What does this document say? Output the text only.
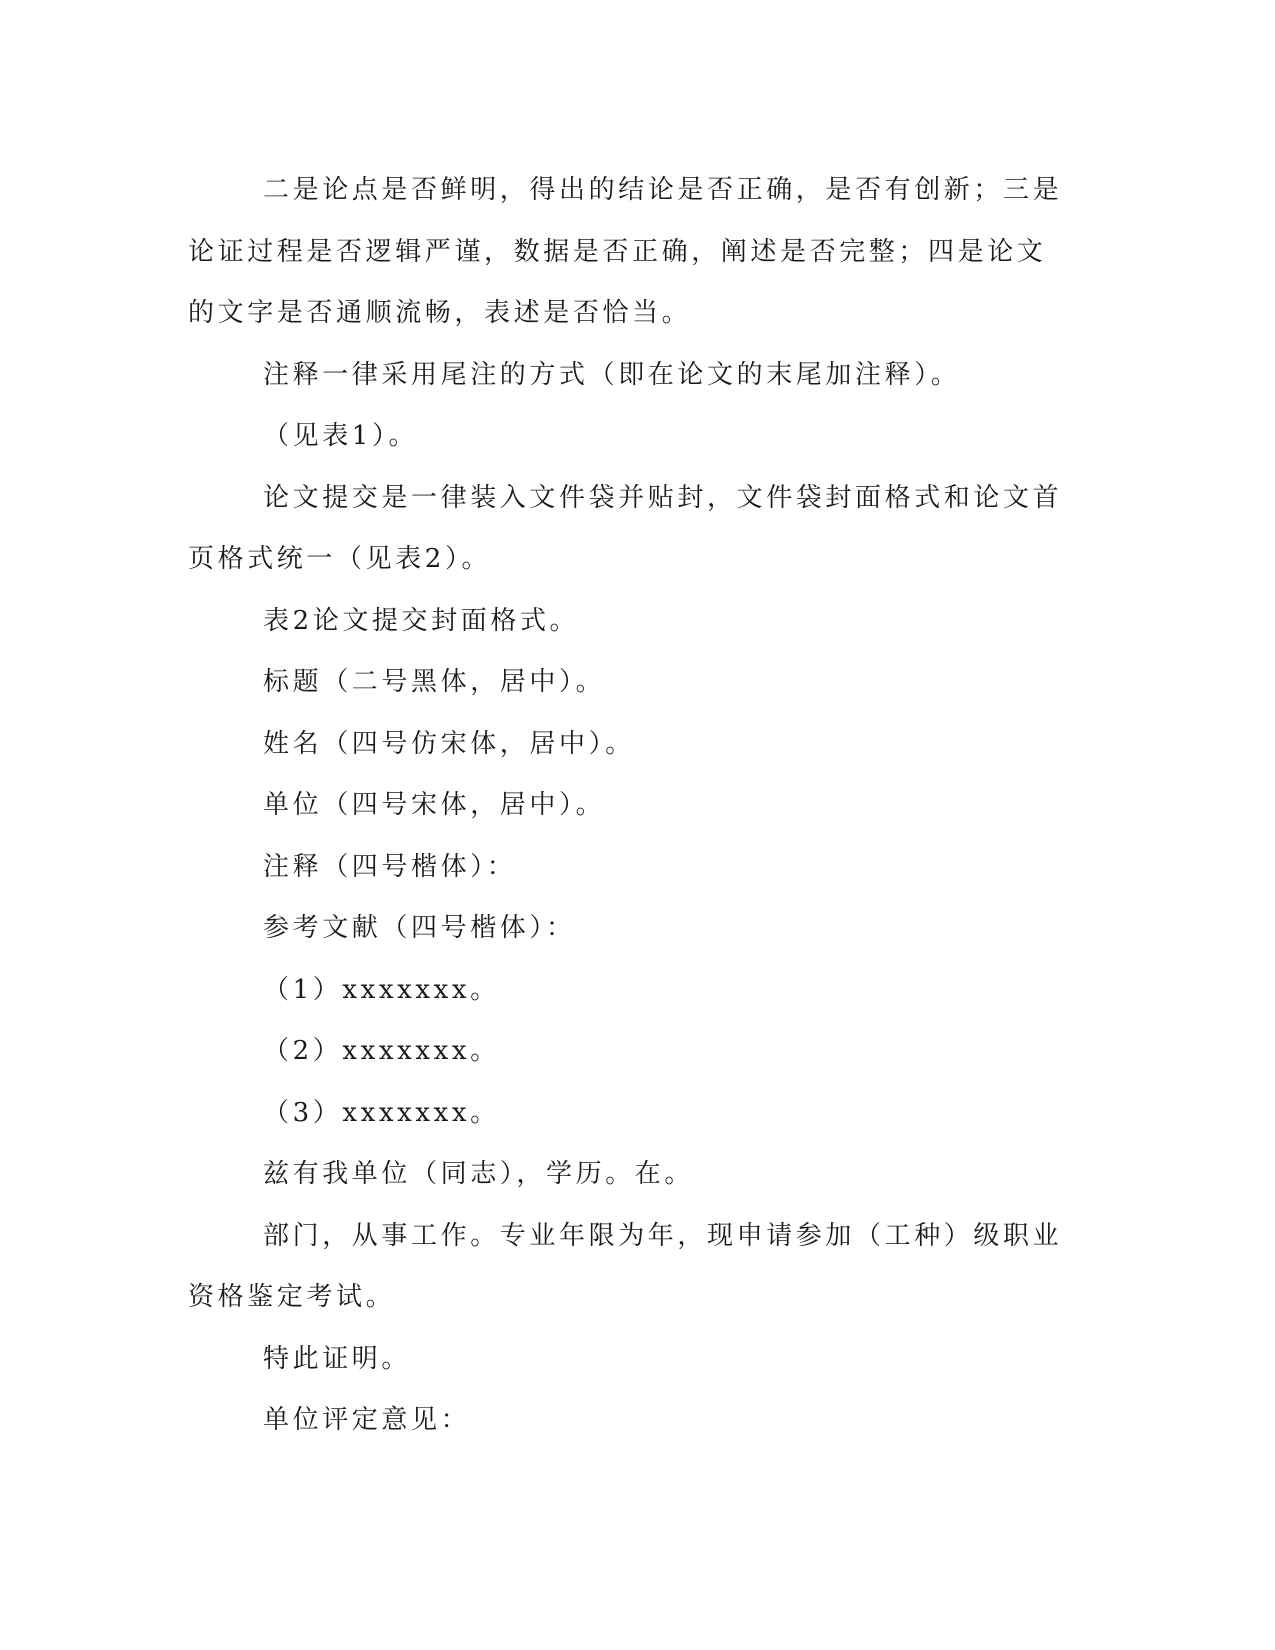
二是论点是否鲜明，得出的结论是否正确，是否有创新；三是论证过程是否逻辑严谨，数据是否正确，阐述是否完整；四是论文的文字是否通顺流畅，表述是否恰当。

注释一律采用尾注的方式（即在论文的末尾加注释）。

（见表1）。

论文提交是一律装入文件袋并贴封，文件袋封面格式和论文首页格式统一（见表2）。

表2论文提交封面格式。

标题（二号黑体，居中）。

姓名（四号仿宋体，居中）。

单位（四号宋体，居中）。

注释（四号楷体）：

参考文献（四号楷体）：

（1）xxxxxxx。

（2）xxxxxxx。

（3）xxxxxxx。

兹有我单位（同志），学历。在。

部门，从事工作。专业年限为年，现申请参加（工种）级职业资格鉴定考试。

特此证明。

单位评定意见：
